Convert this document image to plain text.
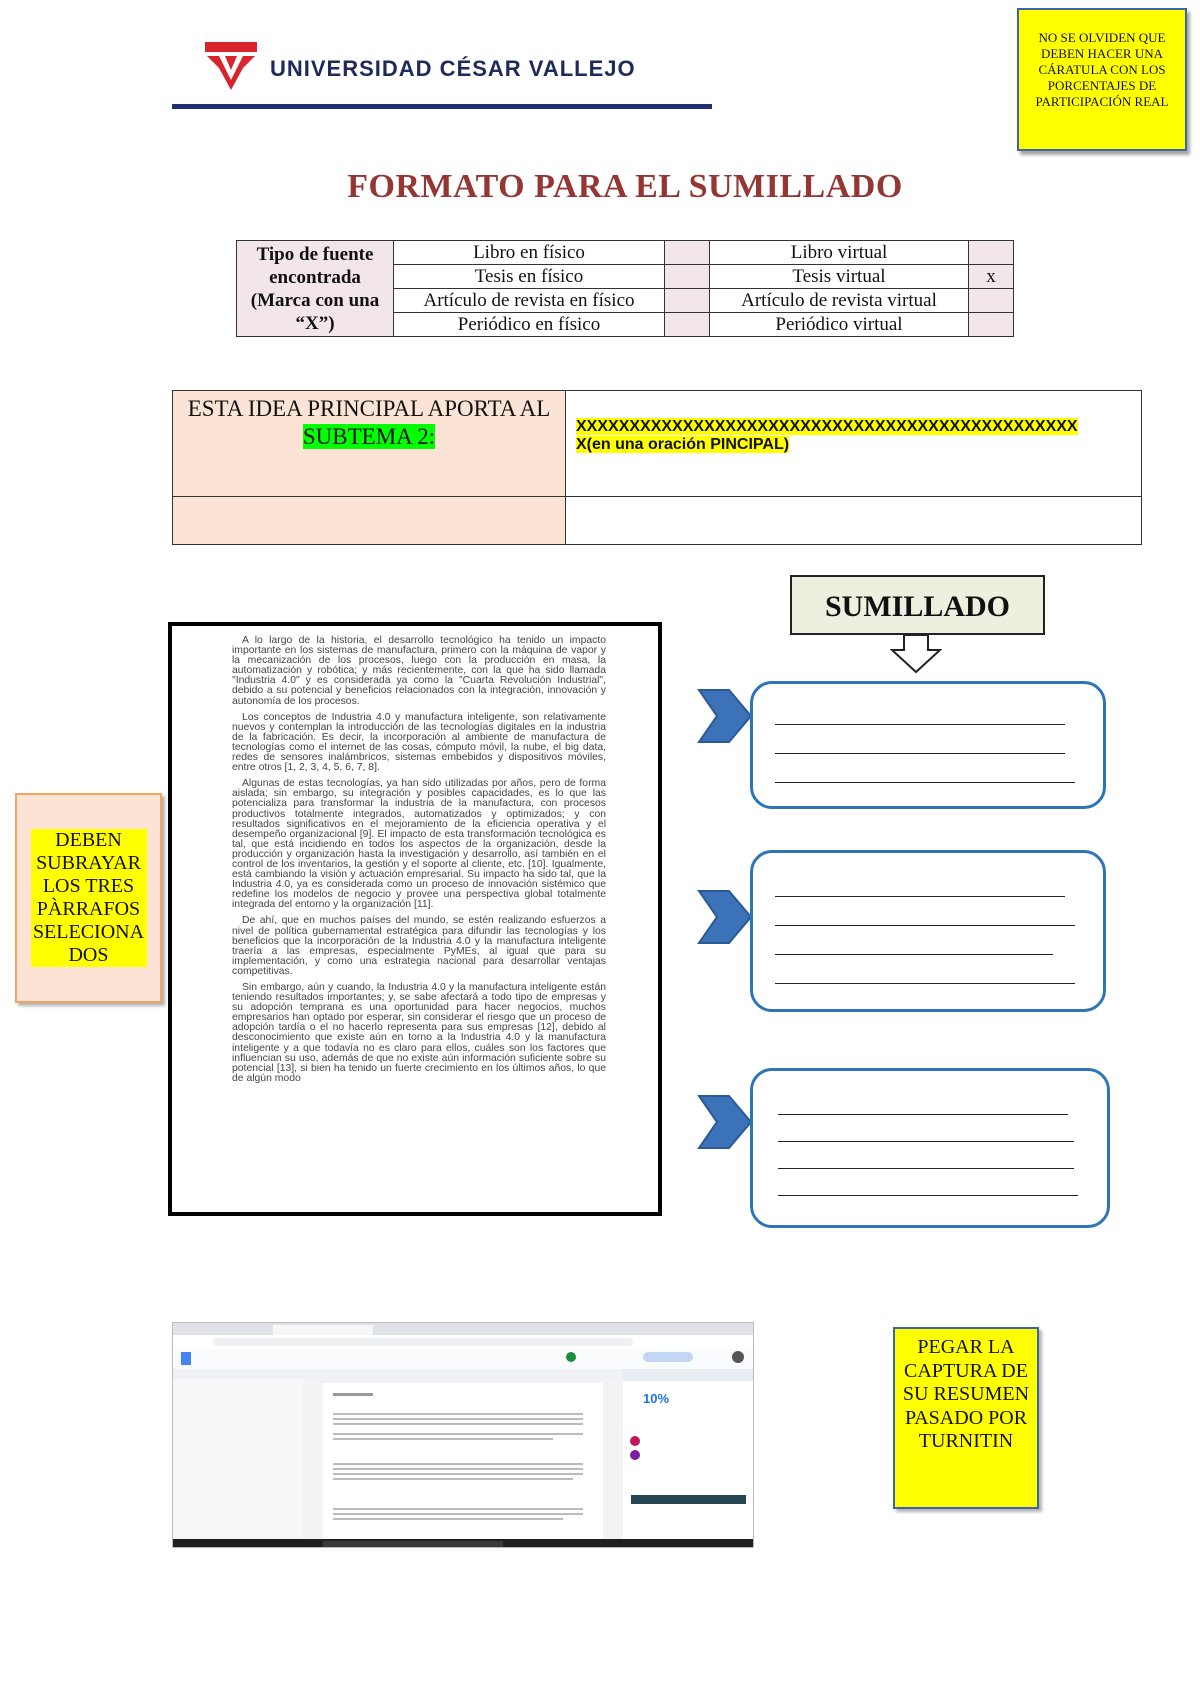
UNIVERSIDAD CÉSAR VALLEJO
NO SE OLVIDEN QUE DEBEN HACER UNA CÁRATULA CON LOS PORCENTAJES DE PARTICIPACIÓN REAL
FORMATO PARA EL SUMILLADO
Tipo de fuente encontrada (Marca con una “X”)	Libro en físico		Libro virtual	
	Tesis en físico		Tesis virtual	x
	Artículo de revista en físico		Artículo de revista virtual	
	Periódico en físico		Periódico virtual	
ESTA IDEA PRINCIPAL APORTA AL SUBTEMA 2:	XXXXXXXXXXXXXXXXXXXXXXXXXXXXXXXXXXXXXXXXXXXXXXX
X(en una oración PINCIPAL)

SUMILLADO

A lo largo de la historia, el desarrollo tecnológico ha tenido un impacto importante en los sistemas de manufactura, primero con la máquina de vapor y la mecanización de los procesos, luego con la producción en masa, la automatización y robótica; y más recientemente, con la que ha sido llamada "Industria 4.0" y es considerada ya como la "Cuarta Revolución Industrial", debido a su potencial y beneficios relacionados con la integración, innovación y autonomía de los procesos.

Los conceptos de Industria 4.0 y manufactura inteligente, son relativamente nuevos y contemplan la introducción de las tecnologías digitales en la industria de la fabricación. Es decir, la incorporación al ambiente de manufactura de tecnologías como el internet de las cosas, cómputo móvil, la nube, el big data, redes de sensores inalámbricos, sistemas embebidos y dispositivos móviles, entre otros [1, 2, 3, 4, 5, 6, 7, 8].

Algunas de estas tecnologías, ya han sido utilizadas por años, pero de forma aislada; sin embargo, su integración y posibles capacidades, es lo que las potencializa para transformar la industria de la manufactura, con procesos productivos totalmente integrados, automatizados y optimizados; y con resultados significativos en el mejoramiento de la eficiencia operativa y el desempeño organizacional [9]. El impacto de esta transformación tecnológica es tal, que está incidiendo en todos los aspectos de la organización, desde la producción y organización hasta la investigación y desarrollo, así también en el control de los inventarios, la gestión y el soporte al cliente, etc. [10]. Igualmente, está cambiando la visión y actuación empresarial. Su impacto ha sido tal, que la Industria 4.0, ya es considerada como un proceso de innovación sistémico que redefine los modelos de negocio y provee una perspectiva global totalmente integrada del entorno y la organización [11].

De ahí, que en muchos países del mundo, se estén realizando esfuerzos a nivel de política gubernamental estratégica para difundir las tecnologías y los beneficios que la incorporación de la Industria 4.0 y la manufactura inteligente traería a las empresas, especialmente PyMEs, al igual que para su implementación, y como una estrategia nacional para desarrollar ventajas competitivas.

Sin embargo, aún y cuando, la Industria 4.0 y la manufactura inteligente están teniendo resultados importantes; y, se sabe afectará a todo tipo de empresas y su adopción temprana es una oportunidad para hacer negocios, muchos empresarios han optado por esperar, sin considerar el riesgo que un proceso de adopción tardía o el no hacerlo representa para sus empresas [12], debido al desconocimiento que existe aún en torno a la Industria 4.0 y la manufactura inteligente y a que todavía no es claro para ellos, cuáles son los factores que influencian su uso, además de que no existe aún información suficiente sobre su potencial [13], si bien ha tenido un fuerte crecimiento en los últimos años, lo que de algún modo

DEBEN SUBRAYAR LOS TRES PÀRRAFOS SELECIONA DOS
10%
PEGAR LA CAPTURA DE SU RESUMEN PASADO POR TURNITIN
